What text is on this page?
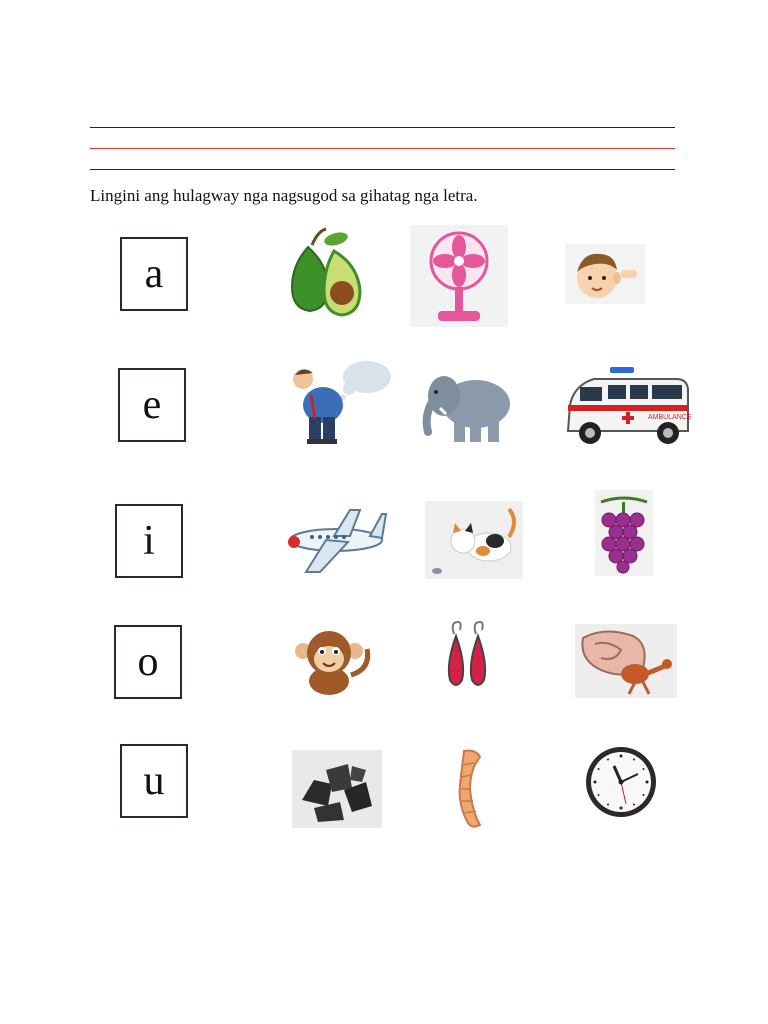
Lingini ang hulagway nga nagsugod sa gihatag nga letra.
a
e
i
o
u
AMBULANCE
